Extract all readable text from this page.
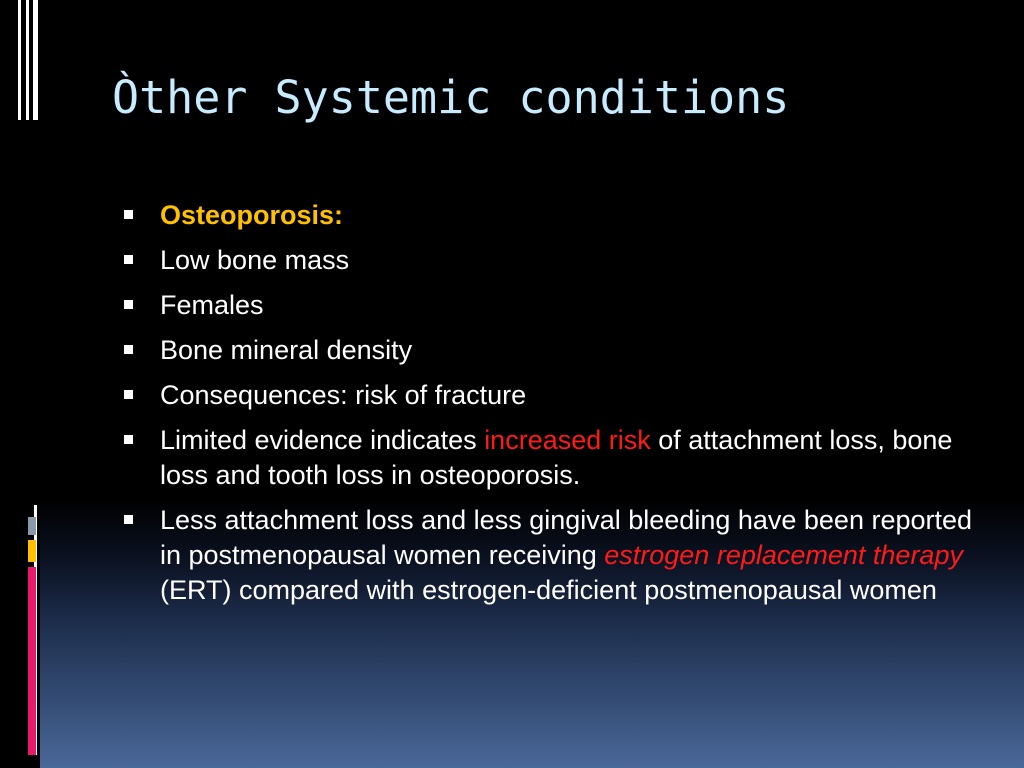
Òther Systemic conditions
Osteoporosis:
Low bone mass
Females
Bone mineral density
Consequences: risk of fracture
Limited evidence indicates increased risk of attachment loss, bone loss and tooth loss in osteoporosis.
Less attachment loss and less gingival bleeding have been reported in postmenopausal women receiving estrogen replacement therapy (ERT) compared with estrogen-deficient postmenopausal women
